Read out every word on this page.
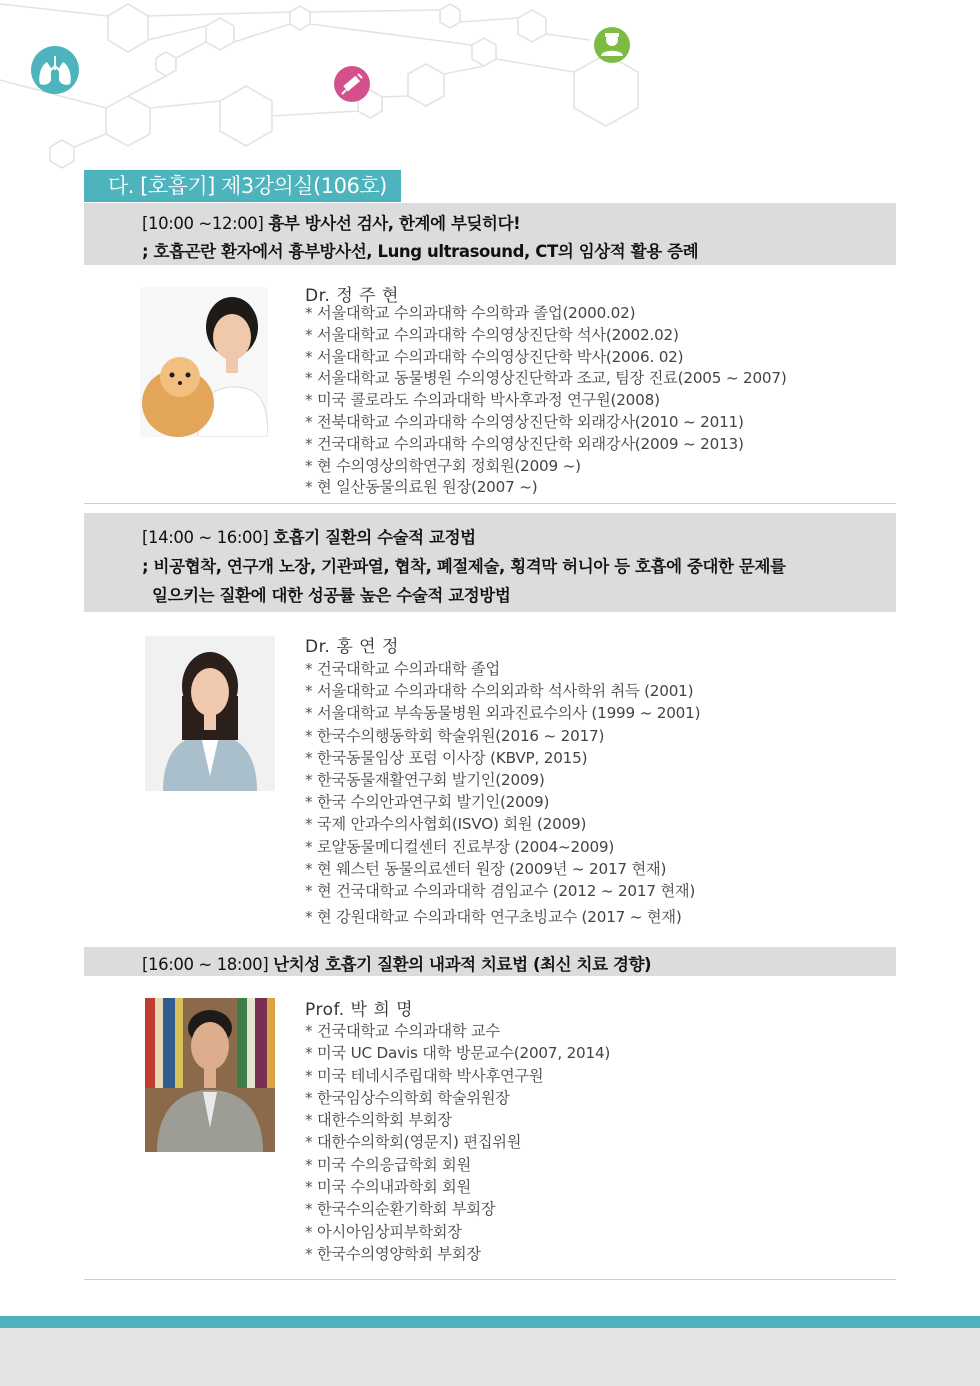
다. [호흡기] 제3강의실(106호)
[10:00 ~12:00] 흉부 방사선 검사, 한계에 부딪히다!
; 호흡곤란 환자에서 흉부방사선, Lung ultrasound, CT의 임상적 활용 증례
Dr. 정 주 현
* 서울대학교 수의과대학 수의학과 졸업(2000.02)
* 서울대학교 수의과대학 수의영상진단학 석사(2002.02)
* 서울대학교 수의과대학 수의영상진단학 박사(2006. 02)
* 서울대학교 동물병원 수의영상진단학과 조교, 팀장 진료(2005 ~ 2007)
* 미국 콜로라도 수의과대학 박사후과정 연구원(2008)
* 전북대학교 수의과대학 수의영상진단학 외래강사(2010 ~ 2011)
* 건국대학교 수의과대학 수의영상진단학 외래강사(2009 ~ 2013)
* 현 수의영상의학연구회 정회원(2009 ~)
* 현 일산동물의료원 원장(2007 ~)
[14:00 ~ 16:00] 호흡기 질환의 수술적 교정법
; 비공협착, 연구개 노장, 기관파열, 협착, 폐절제술, 횡격막 허니아 등 호흡에 중대한 문제를
일으키는 질환에 대한 성공률 높은 수술적 교정방법
Dr. 홍 연 정
* 건국대학교 수의과대학 졸업
* 서울대학교 수의과대학 수의외과학 석사학위 취득 (2001)
* 서울대학교 부속동물병원 외과진료수의사 (1999 ~ 2001)
* 한국수의행동학회 학술위원(2016 ~ 2017)
* 한국동물임상 포럼 이사장 (KBVP, 2015)
* 한국동물재활연구회 발기인(2009)
* 한국 수의안과연구회 발기인(2009)
* 국제 안과수의사협회(ISVO) 회원 (2009)
* 로얄동물메디컬센터 진료부장 (2004~2009)
* 현 웨스턴 동물의료센터 원장 (2009년 ~ 2017 현재)
* 현 건국대학교 수의과대학 겸임교수 (2012 ~ 2017 현재)
* 현 강원대학교 수의과대학 연구초빙교수 (2017 ~ 현재)
[16:00 ~ 18:00] 난치성 호흡기 질환의 내과적 치료법 (최신 치료 경향)
Prof. 박 희 명
* 건국대학교 수의과대학 교수
* 미국 UC Davis 대학 방문교수(2007, 2014)
* 미국 테네시주립대학 박사후연구원
* 한국임상수의학회 학술위원장
* 대한수의학회 부회장
* 대한수의학회(영문지) 편집위원
* 미국 수의응급학회 회원
* 미국 수의내과학회 회원
* 한국수의순환기학회 부회장
* 아시아임상피부학회장
* 한국수의영양학회 부회장
